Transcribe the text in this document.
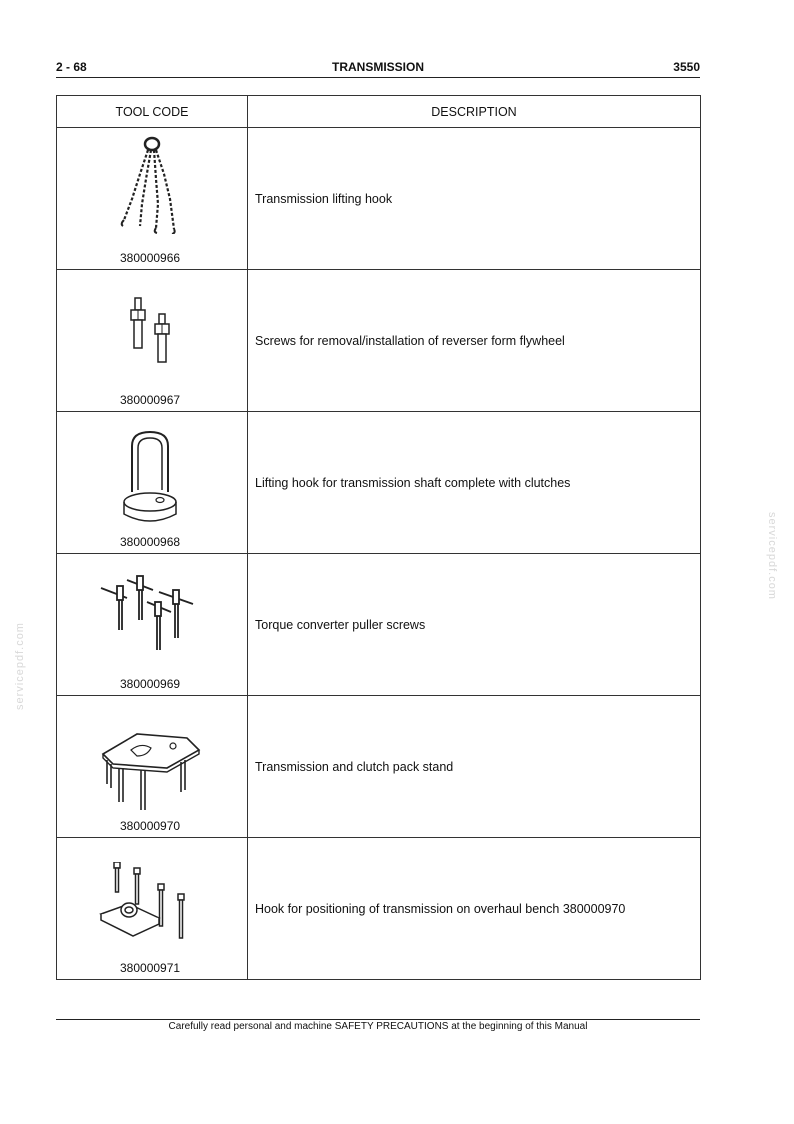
2 - 68	TRANSMISSION	3550
servicepdf.com
servicepdf.com
TOOL CODE	DESCRIPTION

380000966	Transmission lifting hook

380000967	Screws for removal/installation of reverser form flywheel

380000968	Lifting hook for transmission shaft complete with clutches

380000969	Torque converter puller screws

380000970	Transmission and clutch pack stand

380000971	Hook for positioning of transmission on overhaul bench 380000970
Carefully read personal and machine SAFETY PRECAUTIONS at the beginning of this Manual
